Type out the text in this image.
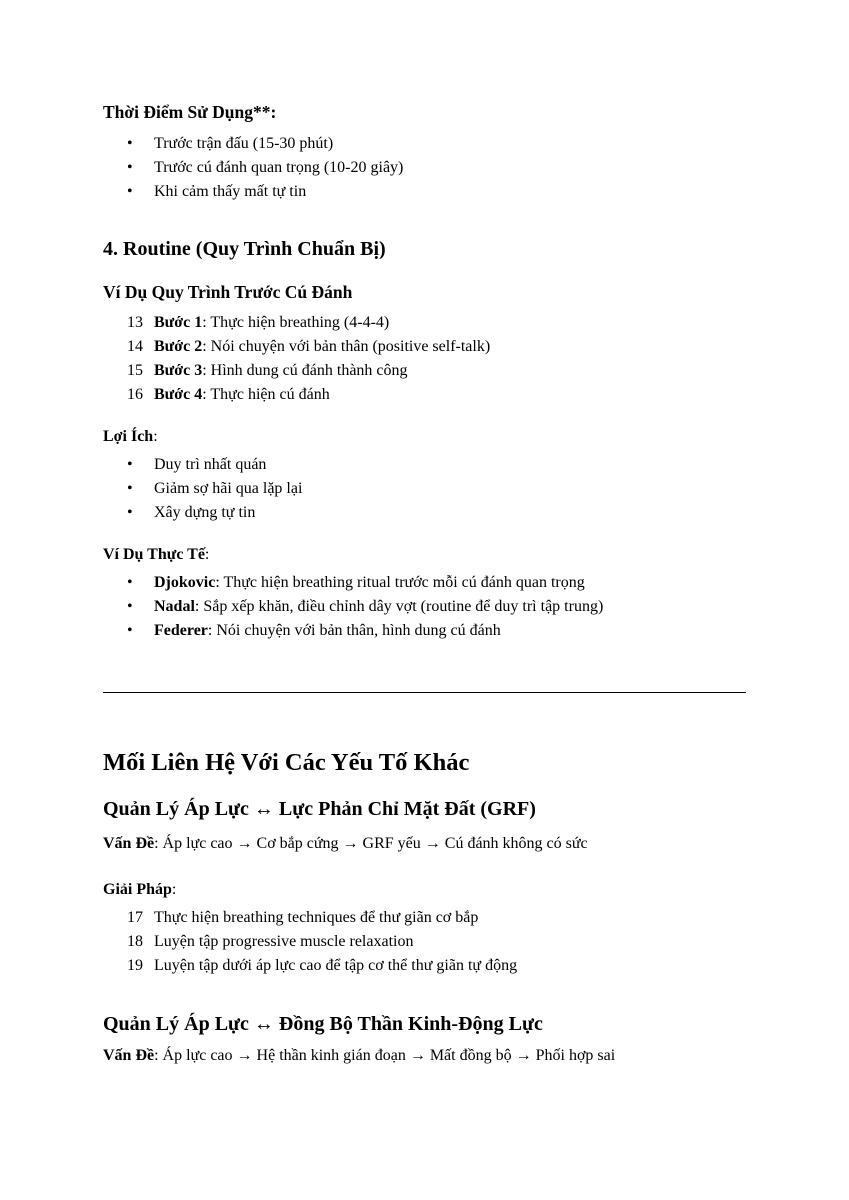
Thời Điểm Sử Dụng**:
• Trước trận đấu (15-30 phút)
• Trước cú đánh quan trọng (10-20 giây)
• Khi cảm thấy mất tự tin
4. Routine (Quy Trình Chuẩn Bị)
Ví Dụ Quy Trình Trước Cú Đánh
13 Bước 1: Thực hiện breathing (4-4-4)
14 Bước 2: Nói chuyện với bản thân (positive self-talk)
15 Bước 3: Hình dung cú đánh thành công
16 Bước 4: Thực hiện cú đánh
Lợi Ích:
• Duy trì nhất quán
• Giảm sợ hãi qua lặp lại
• Xây dựng tự tin
Ví Dụ Thực Tế:
• Djokovic: Thực hiện breathing ritual trước mỗi cú đánh quan trọng
• Nadal: Sắp xếp khăn, điều chỉnh dây vợt (routine để duy trì tập trung)
• Federer: Nói chuyện với bản thân, hình dung cú đánh
Mối Liên Hệ Với Các Yếu Tố Khác
Quản Lý Áp Lực ↔ Lực Phản Chỉ Mặt Đất (GRF)
Vấn Đề: Áp lực cao → Cơ bắp cứng → GRF yếu → Cú đánh không có sức
Giải Pháp:
17 Thực hiện breathing techniques để thư giãn cơ bắp
18 Luyện tập progressive muscle relaxation
19 Luyện tập dưới áp lực cao để tập cơ thể thư giãn tự động
Quản Lý Áp Lực ↔ Đồng Bộ Thần Kinh-Động Lực
Vấn Đề: Áp lực cao → Hệ thần kinh gián đoạn → Mất đồng bộ → Phối hợp sai
